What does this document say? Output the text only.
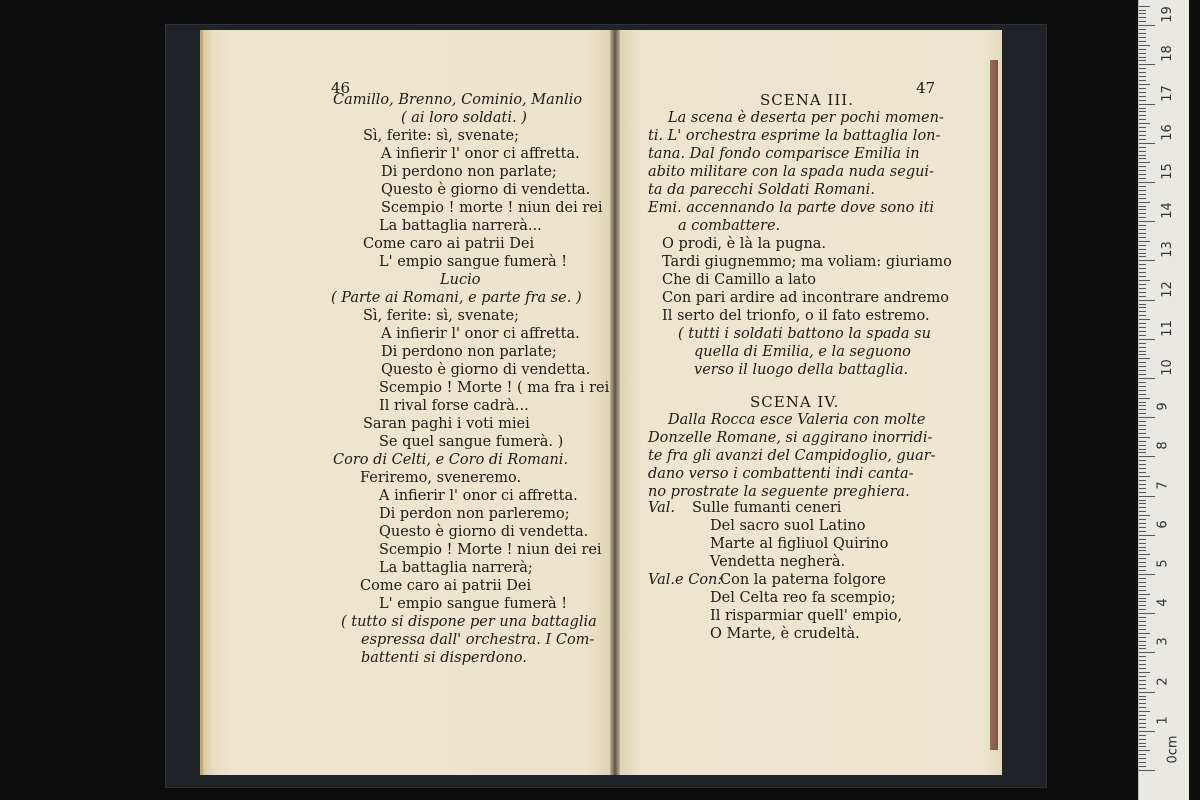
46
Camillo, Brenno, Cominio, Manlio
( ai loro soldati. )
Sì, ferite: sì, svenate;
A infierir l' onor ci affretta.
Di perdono non parlate;
Questo è giorno di vendetta.
Scempio ! morte ! niun dei rei
La battaglia narrerà...
Come caro ai patrii Dei
L' empio sangue fumerà !
Lucio
( Parte ai Romani, e parte fra se. )
Sì, ferite: sì, svenate;
A infierir l' onor ci affretta.
Di perdono non parlate;
Questo è giorno di vendetta.
Scempio ! Morte ! ( ma fra i rei
Il rival forse cadrà...
Saran paghi i voti miei
Se quel sangue fumerà. )
Coro di Celti, e Coro di Romani.
Feriremo, sveneremo.
A infierir l' onor ci affretta.
Di perdon non parleremo;
Questo è giorno di vendetta.
Scempio ! Morte ! niun dei rei
La battaglia narrerà;
Come caro ai patrii Dei
L' empio sangue fumerà !
( tutto si dispone per una battaglia
espressa dall' orchestra. I Com-
battenti si disperdono.
47
SCENA III.
La scena è deserta per pochi momen-
ti. L' orchestra esprime la battaglia lon-
tana. Dal fondo comparisce Emilia in
abito militare con la spada nuda segui-
ta da parecchi Soldati Romani.
Emi. accennando la parte dove sono iti
a combattere.
O prodi, è là la pugna.
Tardi giugnemmo; ma voliam: giuriamo
Che di Camillo a lato
Con pari ardire ad incontrare andremo
Il serto del trionfo, o il fato estremo.
( tutti i soldati battono la spada su
quella di Emilia, e la seguono
verso il luogo della battaglia.
SCENA IV.
Dalla Rocca esce Valeria con molte
Donzelle Romane, si aggirano inorridi-
te fra gli avanzi del Campidoglio, guar-
dano verso i combattenti indi canta-
no prostrate la seguente preghiera.
Val. Sulle fumanti ceneri
Del sacro suol Latino
Marte al figliuol Quirino
Vendetta negherà.
Val.e Con:
Con la paterna folgore
Del Celta reo fa scempio;
Il risparmiar quell' empio,
O Marte, è crudeltà.
0cm
1
2
3
4
5
6
7
8
9
10
11
12
13
14
15
16
17
18
19
